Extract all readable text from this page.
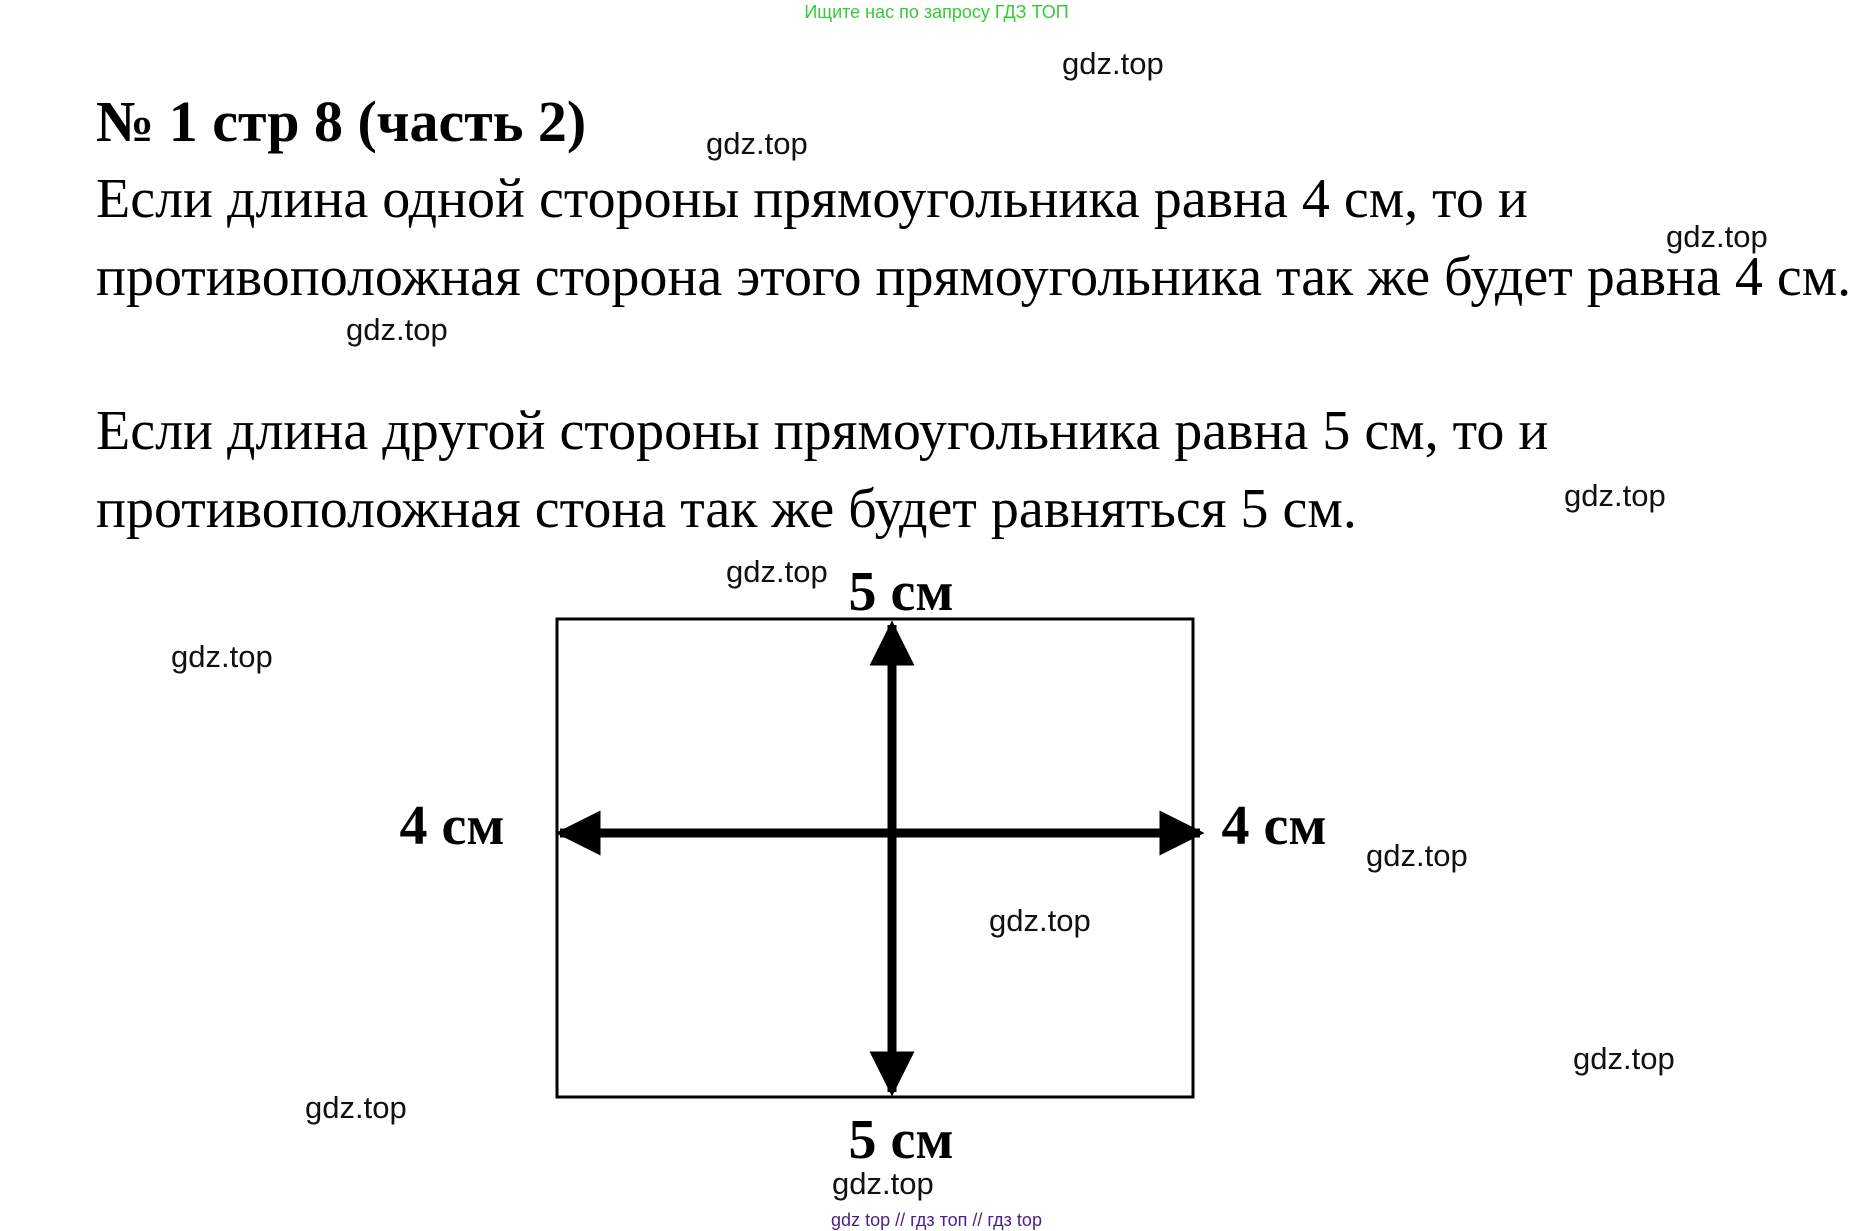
Ищите нас по запросу ГДЗ ТОП
№ 1 стр 8 (часть 2)
Если длина одной стороны прямоугольника равна 4 см, то и противоположная сторона этого прямоугольника так же будет равна 4 см.
Если длина другой стороны прямоугольника равна 5 см, то и противоположная стона так же будет равняться 5 см.
5 см
5 см
4 см	4 см
gdz.top
gdz.top
gdz.top
gdz.top
gdz.top
gdz.top
gdz.top
gdz.top
gdz.top
gdz.top
gdz.top
gdz.top
gdz top // гдз топ // гдз top
